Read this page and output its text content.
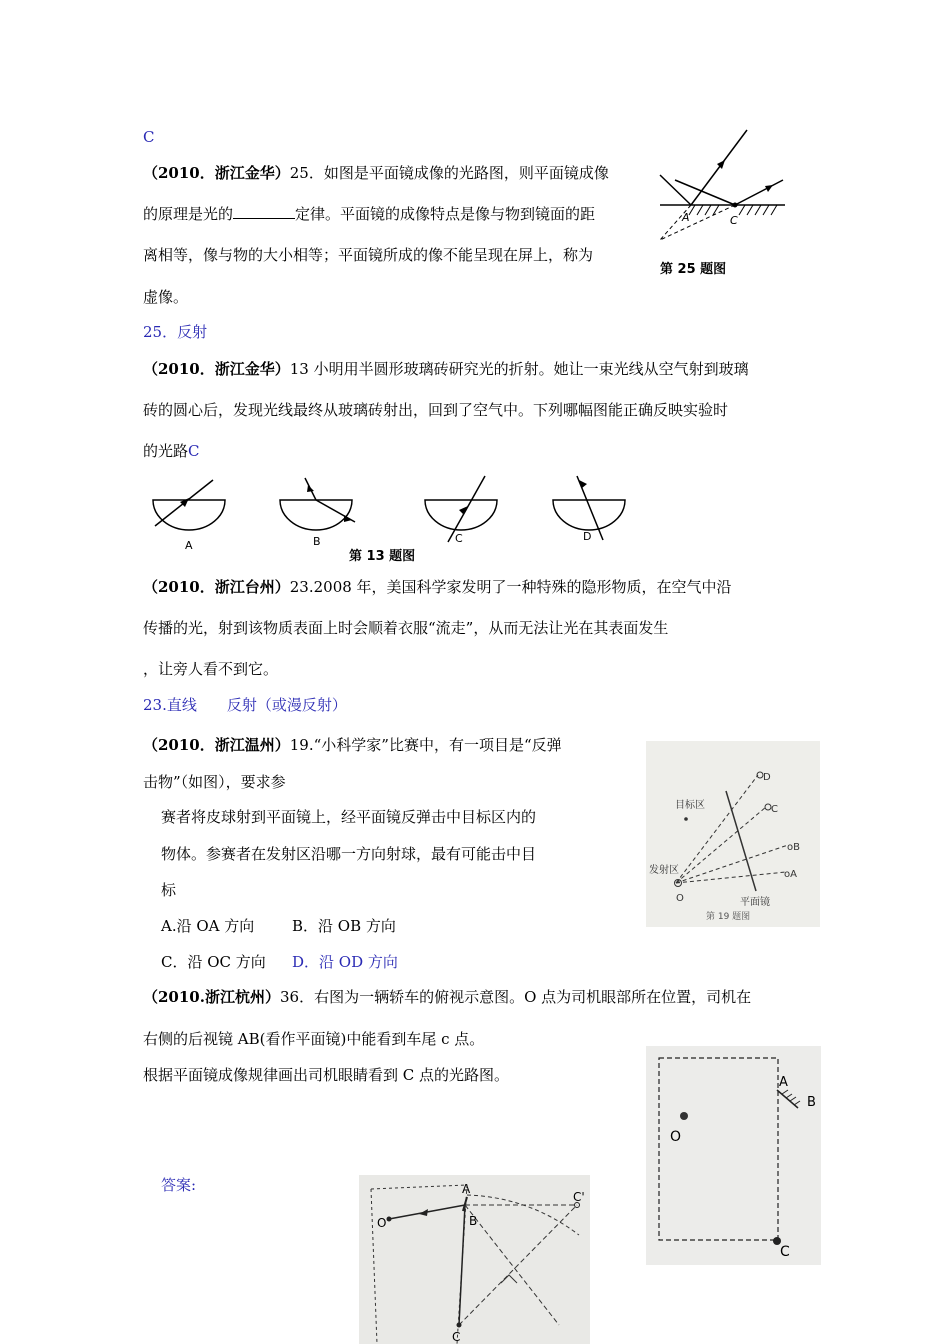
C
（2010．浙江金华）25．如图是平面镜成像的光路图，则平面镜成像
的原理是光的	定律。平面镜的成像特点是像与物到镜面的距
离相等，像与物的大小相等；平面镜所成的像不能呈现在屏上，称为
虚像。
25．反射
A	C
第 25 题图
（2010．浙江金华）13 小明用半圆形玻璃砖研究光的折射。她让一束光线从空气射到玻璃
砖的圆心后，发现光线最终从玻璃砖射出，回到了空气中。下列哪幅图能正确反映实验时
的光路C
A	B	C	D
第 13 题图
（2010．浙江台州）23.2008 年，美国科学家发明了一种特殊的隐形物质，在空气中沿
传播的光，射到该物质表面上时会顺着衣服“流走”，从而无法让光在其表面发生
，让旁人看不到它。
23.直线　　反射（或漫反射）
（2010．浙江温州）19.“小科学家”比赛中，有一项目是“反弹
击物”（如图），要求参
赛者将皮球射到平面镜上，经平面镜反弹击中目标区内的
物体。参赛者在发射区沿哪一方向射球，最有可能击中目
标
A.沿 OA 方向	B．沿 OB 方向
C．沿 OC 方向 D．沿 OD 方向
D
C
oB
oA
目标区
发射区
O	平面镜
第 19 题图
（2010.浙江杭州）36．右图为一辆轿车的俯视示意图。O 点为司机眼部所在位置，司机在
右侧的后视镜 AB(看作平面镜)中能看到车尾 c 点。
根据平面镜成像规律画出司机眼睛看到 C 点的光路图。
答案:
A
B
O
C
A
B
O
C
C'
